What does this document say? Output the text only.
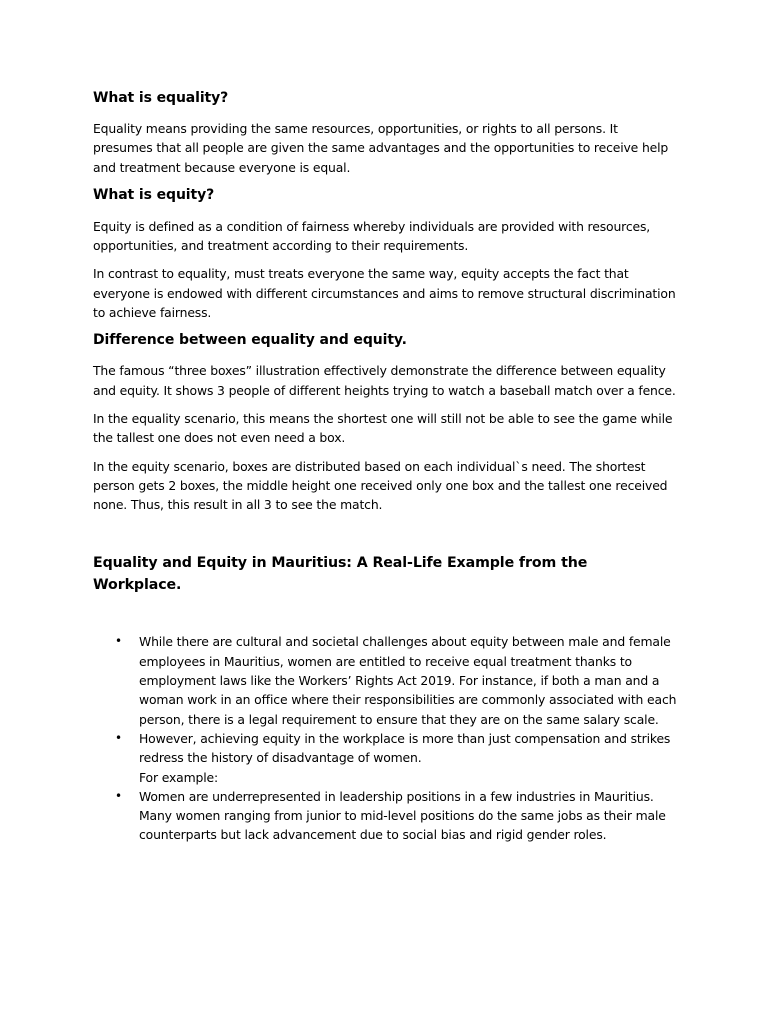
What is equality?

Equality means providing the same resources, opportunities, or rights to all persons. It presumes that all people are given the same advantages and the opportunities to receive help and treatment because everyone is equal.

What is equity?

Equity is defined as a condition of fairness whereby individuals are provided with resources, opportunities, and treatment according to their requirements.

In contrast to equality, must treats everyone the same way, equity accepts the fact that everyone is endowed with different circumstances and aims to remove structural discrimination to achieve fairness.

Difference between equality and equity.

The famous “three boxes” illustration effectively demonstrate the difference between equality and equity. It shows 3 people of different heights trying to watch a baseball match over a fence.

In the equality scenario, this means the shortest one will still not be able to see the game while the tallest one does not even need a box.

In the equity scenario, boxes are distributed based on each individual`s need. The shortest person gets 2 boxes, the middle height one received only one box and the tallest one received none. Thus, this result in all 3 to see the match.

Equality and Equity in Mauritius: A Real-Life Example from the Workplace.
• While there are cultural and societal challenges about equity between male and female employees in Mauritius, women are entitled to receive equal treatment thanks to employment laws like the Workers’ Rights Act 2019. For instance, if both a man and a woman work in an office where their responsibilities are commonly associated with each person, there is a legal requirement to ensure that they are on the same salary scale.
• However, achieving equity in the workplace is more than just compensation and strikes redress the history of disadvantage of women.
For example:
• Women are underrepresented in leadership positions in a few industries in Mauritius. Many women ranging from junior to mid-level positions do the same jobs as their male counterparts but lack advancement due to social bias and rigid gender roles.
